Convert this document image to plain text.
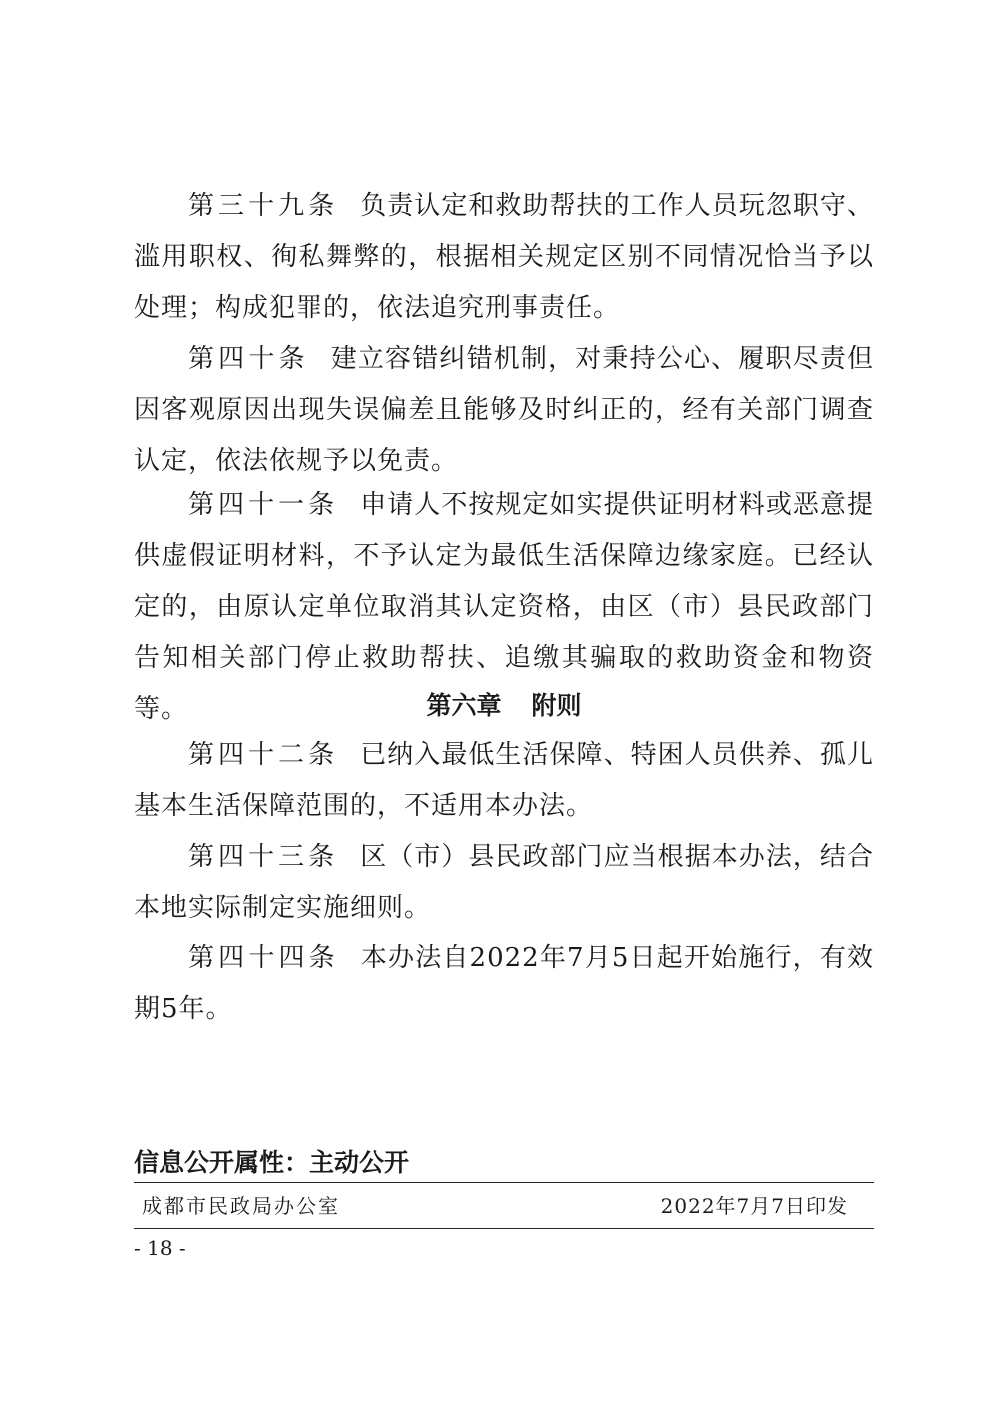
第三十九条 负责认定和救助帮扶的工作人员玩忽职守、滥用职权、徇私舞弊的，根据相关规定区别不同情况恰当予以处理；构成犯罪的，依法追究刑事责任。

第四十条 建立容错纠错机制，对秉持公心、履职尽责但因客观原因出现失误偏差且能够及时纠正的，经有关部门调查认定，依法依规予以免责。

第四十一条 申请人不按规定如实提供证明材料或恶意提供虚假证明材料，不予认定为最低生活保障边缘家庭。已经认定的，由原认定单位取消其认定资格，由区（市）县民政部门告知相关部门停止救助帮扶、追缴其骗取的救助资金和物资等。	第六章 附则

第四十二条 已纳入最低生活保障、特困人员供养、孤儿基本生活保障范围的，不适用本办法。

第四十三条 区（市）县民政部门应当根据本办法，结合本地实际制定实施细则。

第四十四条 本办法自2022年7月5日起开始施行，有效期5年。

信息公开属性：主动公开
成都市民政局办公室	2022年7月7日印发
- 18 -
